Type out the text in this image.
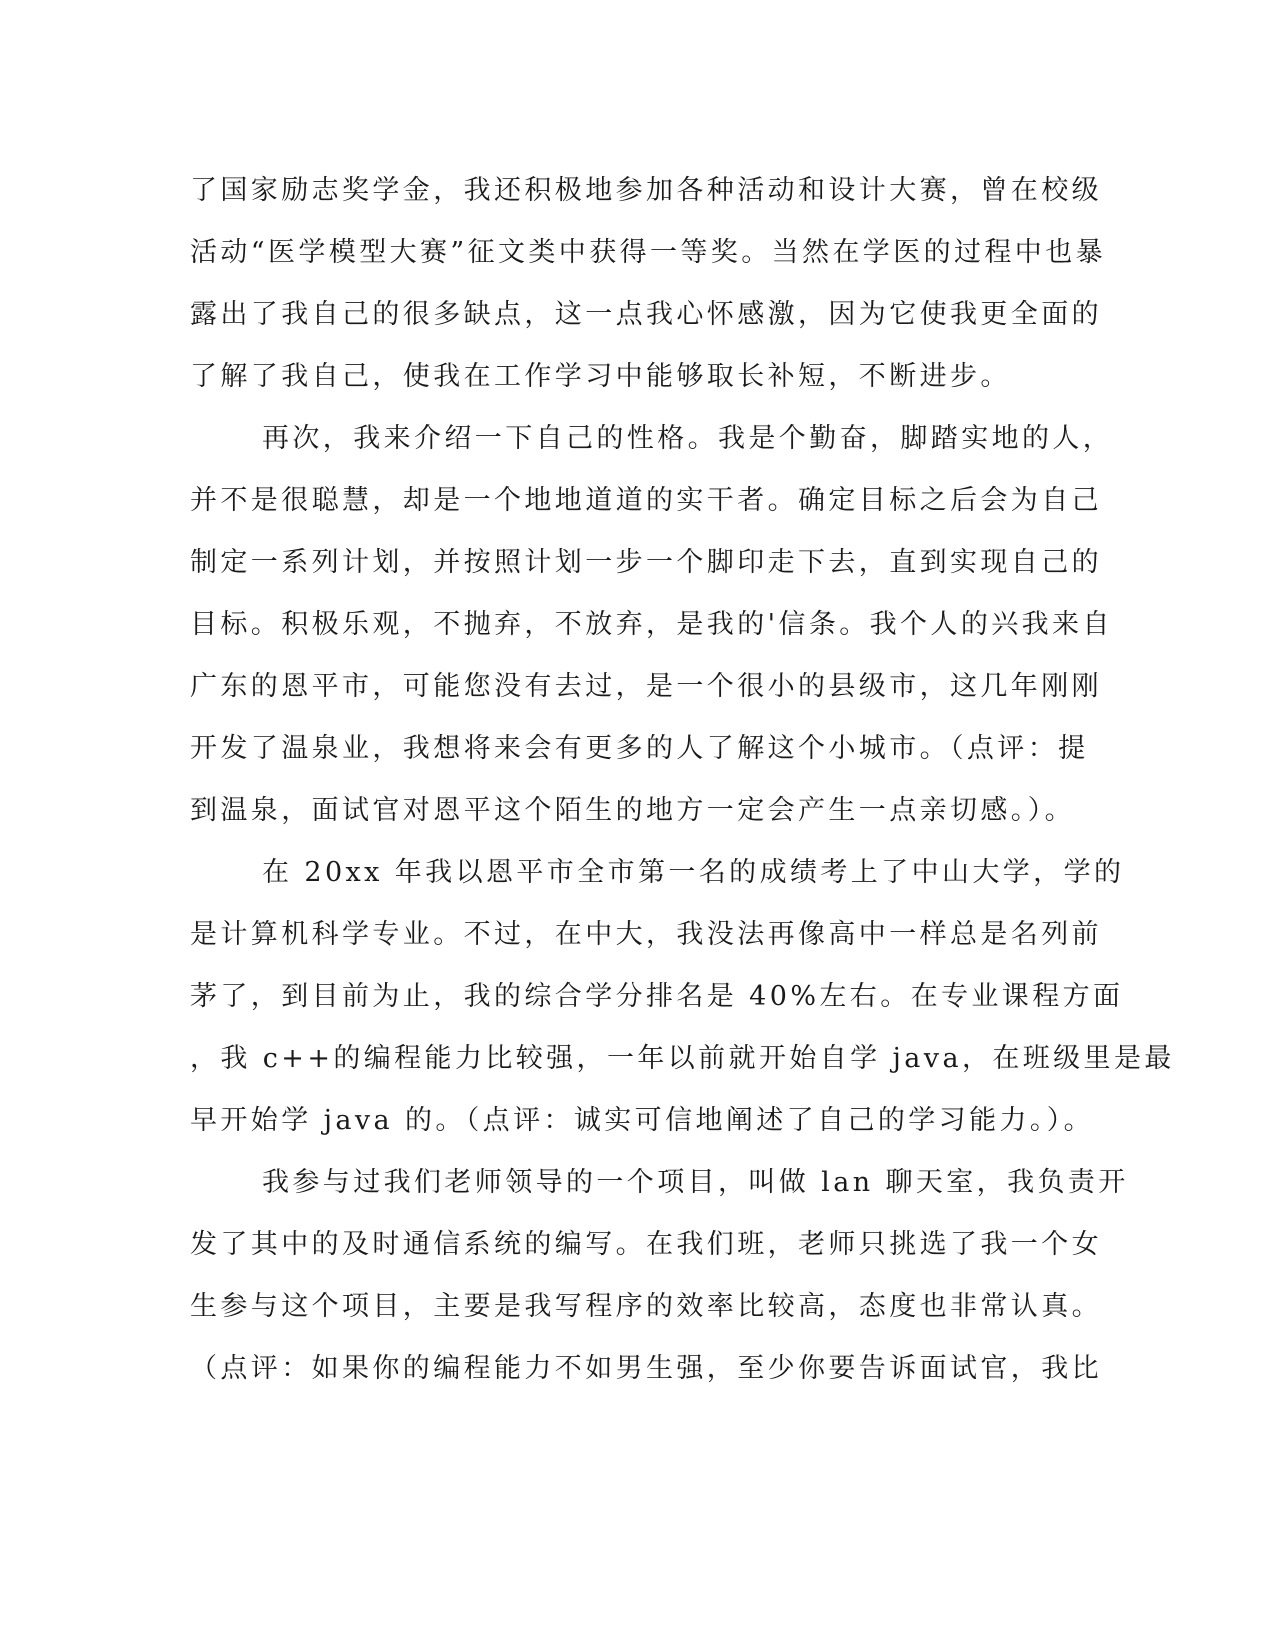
了国家励志奖学金，我还积极地参加各种活动和设计大赛，曾在校级
活动“医学模型大赛”征文类中获得一等奖。当然在学医的过程中也暴
露出了我自己的很多缺点，这一点我心怀感激，因为它使我更全面的
了解了我自己，使我在工作学习中能够取长补短，不断进步。
再次，我来介绍一下自己的性格。我是个勤奋，脚踏实地的人，
并不是很聪慧，却是一个地地道道的实干者。确定目标之后会为自己
制定一系列计划，并按照计划一步一个脚印走下去，直到实现自己的
目标。积极乐观，不抛弃，不放弃，是我的'信条。我个人的兴我来自
广东的恩平市，可能您没有去过，是一个很小的县级市，这几年刚刚
开发了温泉业，我想将来会有更多的人了解这个小城市。（点评：提
到温泉，面试官对恩平这个陌生的地方一定会产生一点亲切感。）。
在 20xx 年我以恩平市全市第一名的成绩考上了中山大学，学的
是计算机科学专业。不过，在中大，我没法再像高中一样总是名列前
茅了，到目前为止，我的综合学分排名是 40%左右。在专业课程方面
，我 c++的编程能力比较强，一年以前就开始自学 java，在班级里是最
早开始学 java 的。（点评：诚实可信地阐述了自己的学习能力。）。
我参与过我们老师领导的一个项目，叫做 lan 聊天室，我负责开
发了其中的及时通信系统的编写。在我们班，老师只挑选了我一个女
生参与这个项目，主要是我写程序的效率比较高，态度也非常认真。
（点评：如果你的编程能力不如男生强，至少你要告诉面试官，我比
